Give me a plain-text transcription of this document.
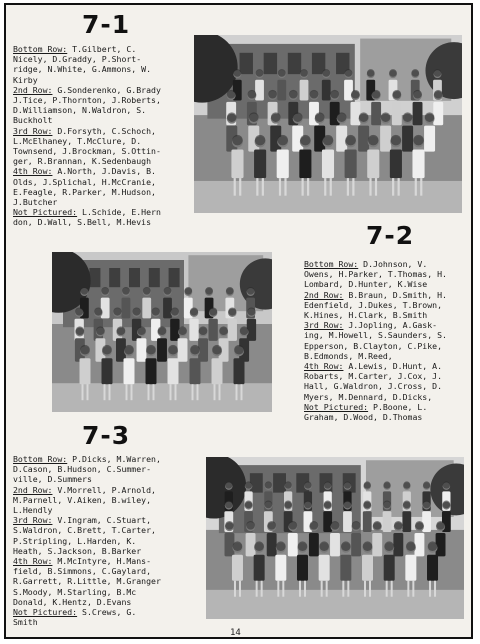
7-1
Bottom Row: T.Gilbert, C.
Nicely, D.Graddy, P.Short-
ridge, N.White, G.Ammons, W.
Kirby
2nd Row: G.Sonderenko, G.Brady
J.Tice, P.Thornton, J.Roberts,
D.Williamson, N.Waldron, S.
Buckholt
3rd Row: D.Forsyth, C.Schoch,
L.McElhaney, T.McClure, D.
Townsend, J.Brockman, S.Ottin-
ger, R.Brannan, K.Sedenbaugh
4th Row: A.North, J.Davis, B.
Olds, J.Splichal, H.McCranie,
E.Feagle, R.Parker, M.Hudson,
J.Butcher
Not Pictured: L.Schide, E.Hern
don, D.Wall, S.Bell, M.Hevis	7-2
Bottom Row: D.Johnson, V.
Owens, H.Parker, T.Thomas, H.
Lombard, D.Hunter, K.Wise
2nd Row: B.Braun, D.Smith, H.
Edenfield, J.Dukes, T.Brown,
K.Hines, H.Clark, B.Smith
3rd Row: J.Jopling, A.Gask-
ing, M.Howell, S.Saunders, S.
Epperson, B.Clayton, C.Pike,
B.Edmonds, M.Reed,
4th Row: A.Lewis, D.Hunt, A.
Robarts, M.Carter, J.Cox, J.
Hall, G.Waldron, J.Cross, D.
Myers, M.Dennard, D.Dicks,
Not Pictured: P.Boone, L.
Graham, D.Wood, D.Thomas
7-3
Bottom Row: P.Dicks, M.Warren,
D.Cason, B.Hudson, C.Summer-
ville, D.Summers
2nd Row: V.Morrell, P.Arnold,
M.Parnell, V.Aiken, B.wiley,
L.Hendly
3rd Row: V.Ingram, C.Stuart,
S.Waldron, C.Brett, T.Carter,
P.Stripling, L.Harden, K.
Heath, S.Jackson, B.Barker
4th Row: M.McIntyre, H.Mans-
field, B.Simmons, C.Gaylard,
R.Garrett, R.Little, M.Granger
S.Moody, M.Starling, B.Mc
Donald, K.Hentz, D.Evans
Not Pictured: S.Crews, G.
Smith
14
